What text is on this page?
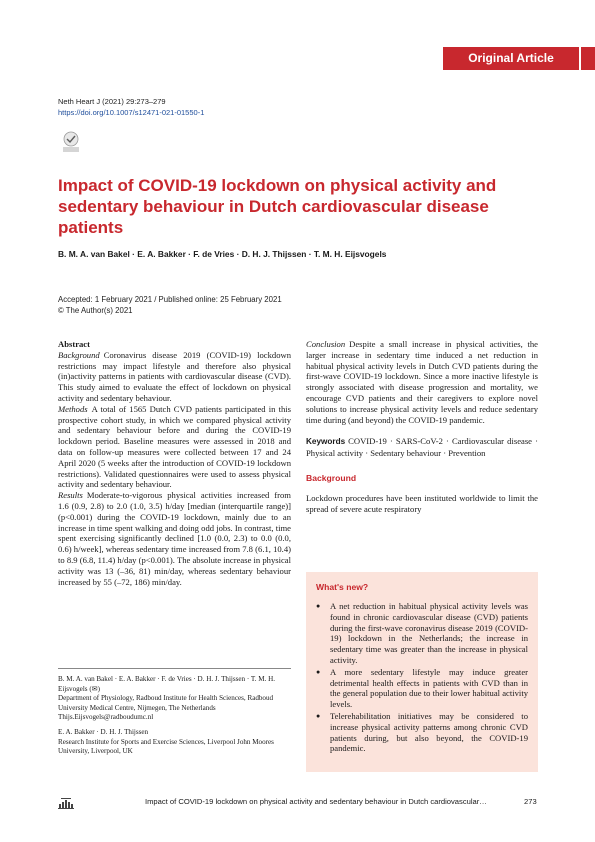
Original Article
Neth Heart J (2021) 29:273–279
https://doi.org/10.1007/s12471-021-01550-1
Impact of COVID-19 lockdown on physical activity and sedentary behaviour in Dutch cardiovascular disease patients
B. M. A. van Bakel · E. A. Bakker · F. de Vries · D. H. J. Thijssen · T. M. H. Eijsvogels
Accepted: 1 February 2021 / Published online: 25 February 2021
© The Author(s) 2021
Abstract

Background Coronavirus disease 2019 (COVID-19) lockdown restrictions may impact lifestyle and therefore also physical (in)activity patterns in patients with cardiovascular disease (CVD). This study aimed to evaluate the effect of lockdown on physical activity and sedentary behaviour.

Methods A total of 1565 Dutch CVD patients participated in this prospective cohort study, in which we compared physical activity and sedentary behaviour before and during the COVID-19 lockdown period. Baseline measures were assessed in 2018 and data on follow-up measures were collected between 17 and 24 April 2020 (5 weeks after the introduction of COVID-19 lockdown restrictions). Validated questionnaires were used to assess physical activity and sedentary behaviour.

Results Moderate-to-vigorous physical activities increased from 1.6 (0.9, 2.8) to 2.0 (1.0, 3.5) h/day [median (interquartile range)] (p<0.001) during the COVID-19 lockdown, mainly due to an increase in time spent walking and doing odd jobs. In contrast, time spent exercising significantly declined [1.0 (0.0, 2.3) to 0.0 (0.0, 0.6) h/week], whereas sedentary time increased from 7.8 (6.1, 10.4) to 8.9 (6.8, 11.4) h/day (p<0.001). The absolute increase in physical activity was 13 (–36, 81) min/day, whereas sedentary behaviour increased by 55 (–72, 186) min/day.

B. M. A. van Bakel · E. A. Bakker · F. de Vries · D. H. J. Thijssen · T. M. H. Eijsvogels (✉)
Department of Physiology, Radboud Institute for Health Sciences, Radboud University Medical Centre, Nijmegen, The Netherlands
Thijs.Eijsvogels@radboudumc.nl

E. A. Bakker · D. H. J. Thijssen
Research Institute for Sports and Exercise Sciences, Liverpool John Moores University, Liverpool, UK

Conclusion Despite a small increase in physical activities, the larger increase in sedentary time induced a net reduction in habitual physical activity levels in Dutch CVD patients during the first-wave COVID-19 lockdown. Since a more inactive lifestyle is strongly associated with disease progression and mortality, we encourage CVD patients and their caregivers to explore novel solutions to increase physical activity levels and reduce sedentary time during (and beyond) the COVID-19 pandemic.

Keywords COVID-19 · SARS-CoV-2 · Cardiovascular disease · Physical activity · Sedentary behaviour · Prevention

Background

Lockdown procedures have been instituted worldwide to limit the spread of severe acute respiratory

What's new?
● A net reduction in habitual physical activity levels was found in chronic cardiovascular disease (CVD) patients during the first-wave coronavirus disease 2019 (COVID-19) lockdown in the Netherlands; the increase in sedentary time was greater than the increase in physical activity.
● A more sedentary lifestyle may induce greater detrimental health effects in patients with CVD than in the general population due to their lower habitual activity levels.
● Telerehabilitation initiatives may be considered to increase physical activity patterns among chronic CVD patients during, but also beyond, the COVID-19 pandemic.
Impact of COVID-19 lockdown on physical activity and sedentary behaviour in Dutch cardiovascular…	273
